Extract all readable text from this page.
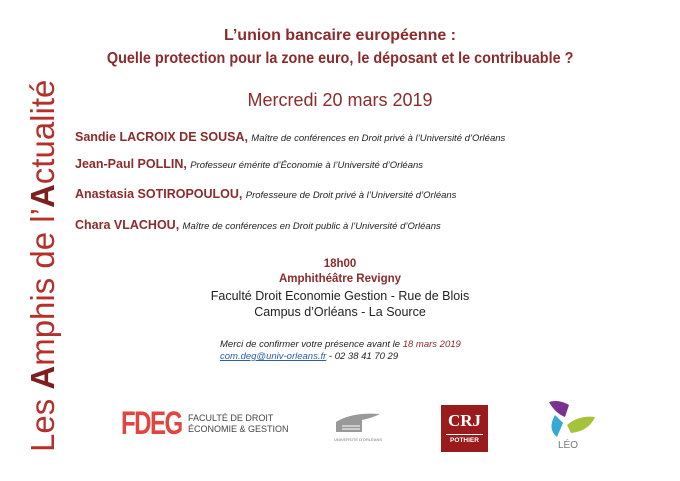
Les Amphis de l’Actualité
L’union bancaire européenne :
Quelle protection pour la zone euro, le déposant et le contribuable ?
Mercredi 20 mars 2019
Sandie LACROIX DE SOUSA, Maître de conférences en Droit privé à l’Université d’Orléans
Jean-Paul POLLIN, Professeur émérite d’Économie à l’Université d’Orléans
Anastasia SOTIROPOULOU, Professeure de Droit privé à l’Université d’Orléans
Chara VLACHOU, Maître de conférences en Droit public à l’Université d’Orléans
18h00
Amphithéâtre Revigny
Faculté Droit Economie Gestion - Rue de Blois
Campus d’Orléans - La Source
Merci de confirmer votre présence avant le 18 mars 2019
com.deg@univ-orleans.fr - 02 38 41 70 29
FDEG FACULTÉ DE DROIT
ÉCONOMIE & GESTION
UNIVERSITÉ D’ORLÉANS
CRJ
POTHIER	LÉO
